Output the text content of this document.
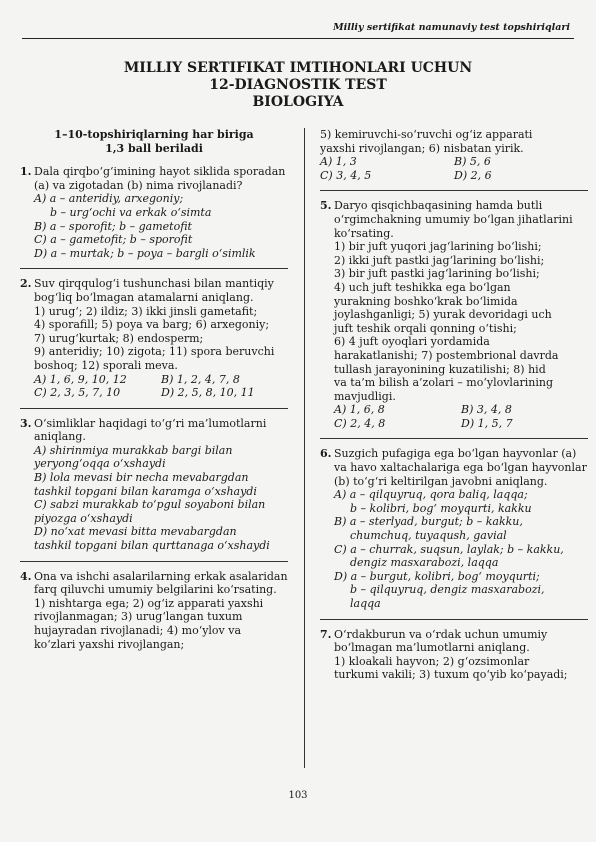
Milliy sertifikat namunaviy test topshiriqlari
MILLIY SERTIFIKAT IMTIHONLARI UCHUN
12-DIAGNOSTIK TEST
BIOLOGIYA
1–10-topshiriqlarning har biriga
1,3 ball beriladi
1. Dala qirqbo‘g‘imining hayot siklida sporadan (a) va zigotadan (b) nima rivojlanadi?
A) a – anteridiy, arxegoniy;
b – urg‘ochi va erkak o‘simta
B) a – sporofit; b – gametofit
C) a – gametofit; b – sporofit
D) a – murtak; b – poya – bargli o‘simlik
2. Suv qirqqulog‘i tushunchasi bilan mantiqiy bog‘liq bo‘lmagan atamalarni aniqlang.
1) urug‘; 2) ildiz; 3) ikki jinsli gametafit;
4) sporafill; 5) poya va barg; 6) arxegoniy;
7) urug‘kurtak; 8) endosperm;
9) anteridiy; 10) zigota; 11) spora beruvchi
boshoq; 12) sporali meva.
A) 1, 6, 9, 10, 12	B) 1, 2, 4, 7, 8
C) 2, 3, 5, 7, 10	D) 2, 5, 8, 10, 11
3. O‘simliklar haqidagi to‘g‘ri ma’lumotlarni aniqlang.
A) shirinmiya murakkab bargi bilan
yeryong‘oqqa o‘xshaydi
B) lola mevasi bir necha mevabargdan
tashkil topgani bilan karamga o‘xshaydi
C) sabzi murakkab to‘pgul soyaboni bilan
piyozga o‘xshaydi
D) no‘xat mevasi bitta mevabargdan
tashkil topgani bilan qurttanaga o‘xshaydi
4. Ona va ishchi asalarilarning erkak asalaridan farq qiluvchi umumiy belgilarini ko‘rsating.
1) nishtarga ega; 2) og‘iz apparati yaxshi
rivojlanmagan; 3) urug‘langan tuxum
hujayradan rivojlanadi; 4) mo‘ylov va
ko‘zlari yaxshi rivojlangan;
5) kemiruvchi-so‘ruvchi og‘iz apparati
yaxshi rivojlangan; 6) nisbatan yirik.
A) 1, 3	B) 5, 6
C) 3, 4, 5	D) 2, 6
5. Daryo qisqichbaqasining hamda butli o‘rgimchakning umumiy bo‘lgan jihatlarini ko‘rsating.
1) bir juft yuqori jag‘larining bo‘lishi;
2) ikki juft pastki jag‘larining bo‘lishi;
3) bir juft pastki jag‘larining bo‘lishi;
4) uch juft teshikka ega bo‘lgan
yurakning boshko‘krak bo‘limida
joylashganligi; 5) yurak devoridagi uch
juft teshik orqali qonning o‘tishi;
6) 4 juft oyoqlari yordamida
harakatlanishi; 7) postembrional davrda
tullash jarayonining kuzatilishi; 8) hid
va ta’m bilish a’zolari – mo‘ylovlarining
mavjudligi.
A) 1, 6, 8	B) 3, 4, 8
C) 2, 4, 8	D) 1, 5, 7
6. Suzgich pufagiga ega bo‘lgan hayvonlar (a) va havo xaltachalariga ega bo‘lgan hayvonlar (b) to‘g‘ri keltirilgan javobni aniqlang.
A) a – qilquyruq, qora baliq, laqqa;
b – kolibri, bog‘ moyqurti, kakku
B) a – sterlyad, burgut; b – kakku,
chumchuq, tuyaqush, gavial
C) a – churrak, suqsun, laylak; b – kakku,
dengiz masxarabozi, laqqa
D) a – burgut, kolibri, bog‘ moyqurti;
b – qilquyruq, dengiz masxarabozi,
laqqa
7. O‘rdakburun va o‘rdak uchun umumiy bo‘lmagan ma’lumotlarni aniqlang.
1) kloakali hayvon; 2) g‘ozsimonlar
turkumi vakili; 3) tuxum qo‘yib ko‘payadi;
103
